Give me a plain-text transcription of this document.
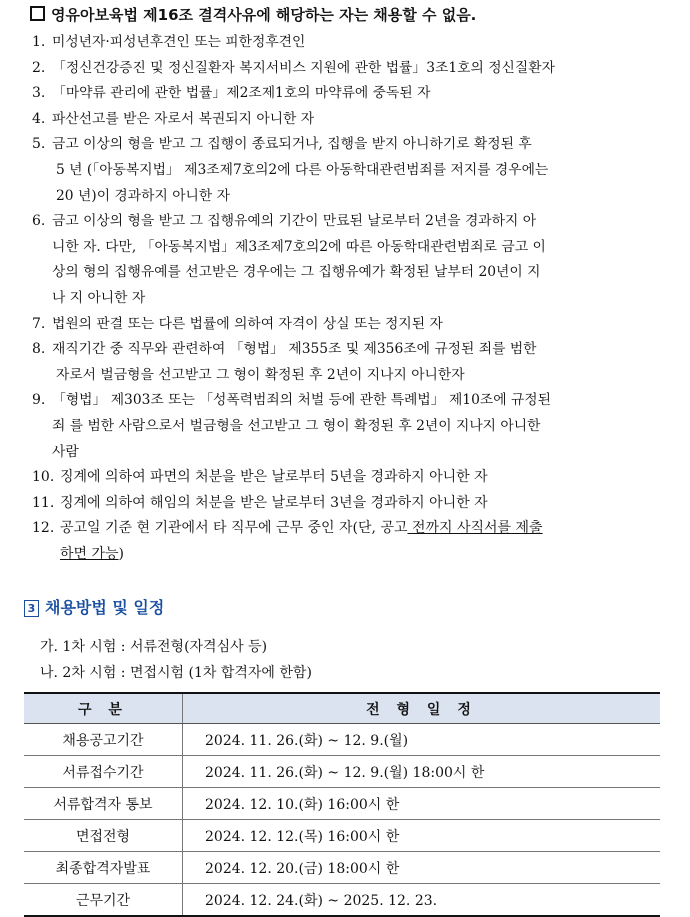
영유아보육법 제16조 결격사유에 해당하는 자는 채용할 수 없음.
1. 미성년자·피성년후견인 또는 피한정후견인
2. 「정신건강증진 및 정신질환자 복지서비스 지원에 관한 법률」3조1호의 정신질환자
3. 「마약류 관리에 관한 법률」제2조제1호의 마약류에 중독된 자
4. 파산선고를 받은 자로서 복권되지 아니한 자
5. 금고 이상의 형을 받고 그 집행이 종료되거나, 집행을 받지 아니하기로 확정된 후
5 년 (「아동복지법」 제3조제7호의2에 다른 아동학대관련범죄를 저지를 경우에는
20 년)이 경과하지 아니한 자
6. 금고 이상의 형을 받고 그 집행유예의 기간이 만료된 날로부터 2년을 경과하지 아
니한 자. 다만, 「아동복지법」제3조제7호의2에 따른 아동학대관련범죄로 금고 이
상의 형의 집행유예를 선고받은 경우에는 그 집행유예가 확정된 날부터 20년이 지
나 지 아니한 자
7. 법원의 판결 또는 다른 법률에 의하여 자격이 상실 또는 정지된 자
8. 재직기간 중 직무와 관련하여 「형법」 제355조 및 제356조에 규정된 죄를 범한
자로서 벌금형을 선고받고 그 형이 확정된 후 2년이 지나지 아니한자
9. 「형법」 제303조 또는 「성폭력범죄의 처벌 등에 관한 특례법」 제10조에 규정된
죄 를 범한 사람으로서 벌금형을 선고받고 그 형이 확정된 후 2년이 지나지 아니한
사람
10. 징계에 의하여 파면의 처분을 받은 날로부터 5년을 경과하지 아니한 자
11. 징계에 의하여 해임의 처분을 받은 날로부터 3년을 경과하지 아니한 자
12. 공고일 기준 현 기관에서 타 직무에 근무 중인 자(단, 공고 전까지 사직서를 제출
하면 가능)
3 채용방법 및 일정
가. 1차 시험 : 서류전형(자격심사 등)
나. 2차 시험 : 면접시험 (1차 합격자에 한함)
구 분	전 형 일 정
채용공고기간	2024. 11. 26.(화) ~ 12. 9.(월)
서류접수기간	2024. 11. 26.(화) ~ 12. 9.(월) 18:00시 한
서류합격자 통보	2024. 12. 10.(화) 16:00시 한
면접전형	2024. 12. 12.(목) 16:00시 한
최종합격자발표	2024. 12. 20.(금) 18:00시 한
근무기간	2024. 12. 24.(화) ~ 2025. 12. 23.
